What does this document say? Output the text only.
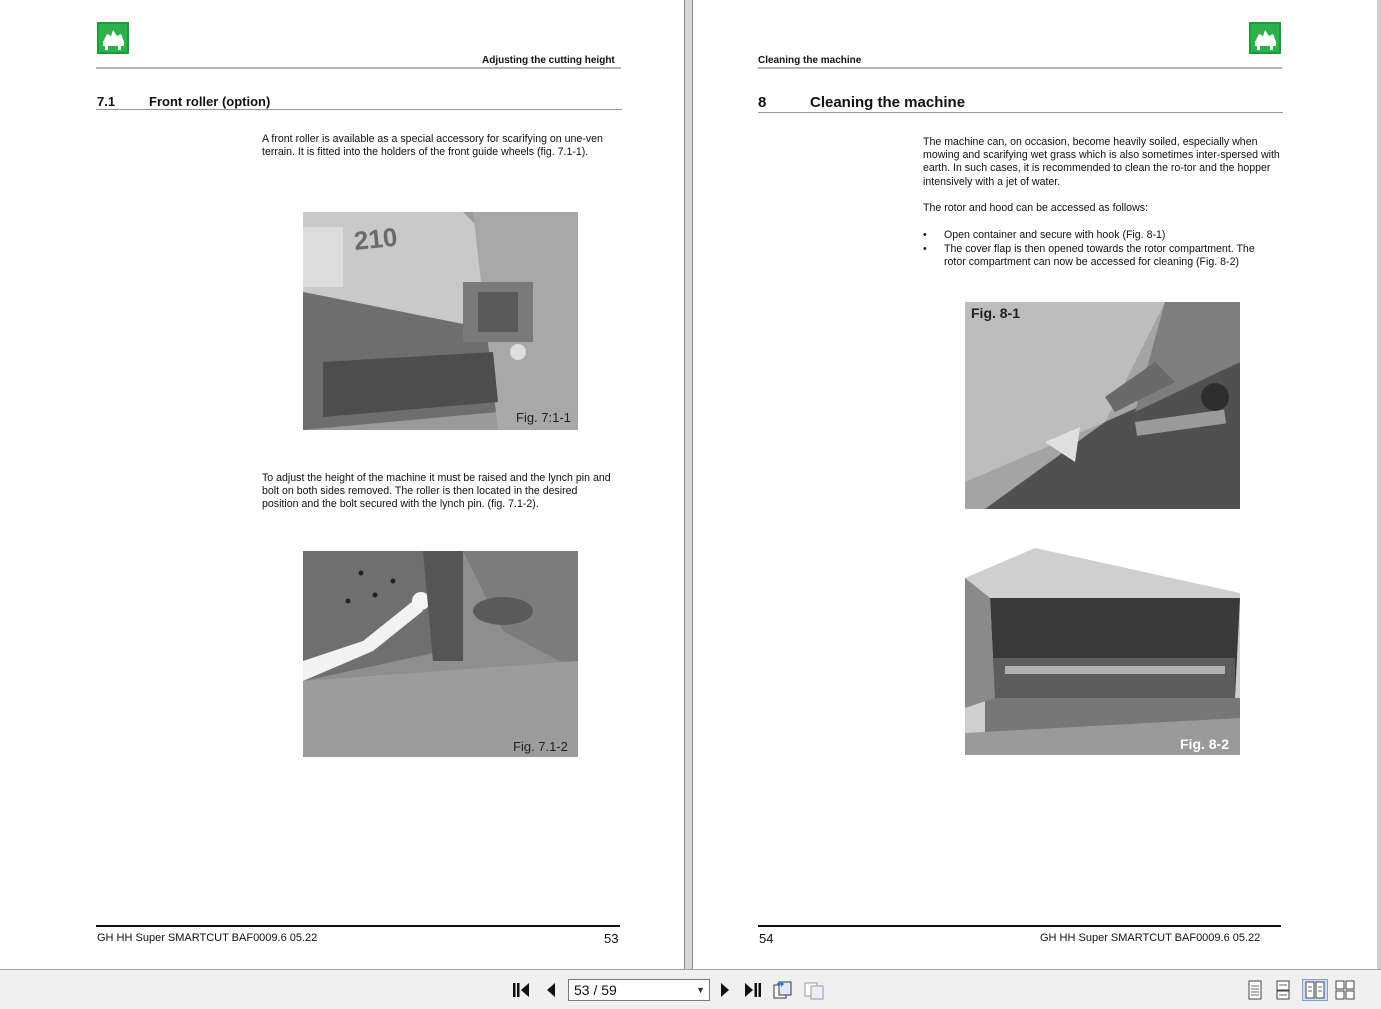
Adjusting the cutting height
7.1	Front roller (option)
A front roller is available as a special accessory for scarifying on une-ven terrain. It is fitted into the holders of the front guide wheels (fig. 7.1-1).
210
Fig. 7:1-1
To adjust the height of the machine it must be raised and the lynch pin and bolt on both sides removed. The roller is then located in the desired position and the bolt secured with the lynch pin. (fig. 7.1-2).
Fig. 7.1-2
GH HH Super SMARTCUT BAF0009.6 05.22	53
Cleaning the machine
8	Cleaning the machine
The machine can, on occasion, become heavily soiled, especially when mowing and scarifying wet grass which is also sometimes inter-spersed with earth. In such cases, it is recommended to clean the ro-tor and the hopper intensively with a jet of water.
The rotor and hood can be accessed as follows:
• Open container and secure with hook (Fig. 8-1)
• The cover flap is then opened towards the rotor compartment. The rotor compartment can now be accessed for cleaning (Fig. 8-2)
Fig. 8-1
Fig. 8-2
54	GH HH Super SMARTCUT BAF0009.6 05.22
53 / 59	▼
